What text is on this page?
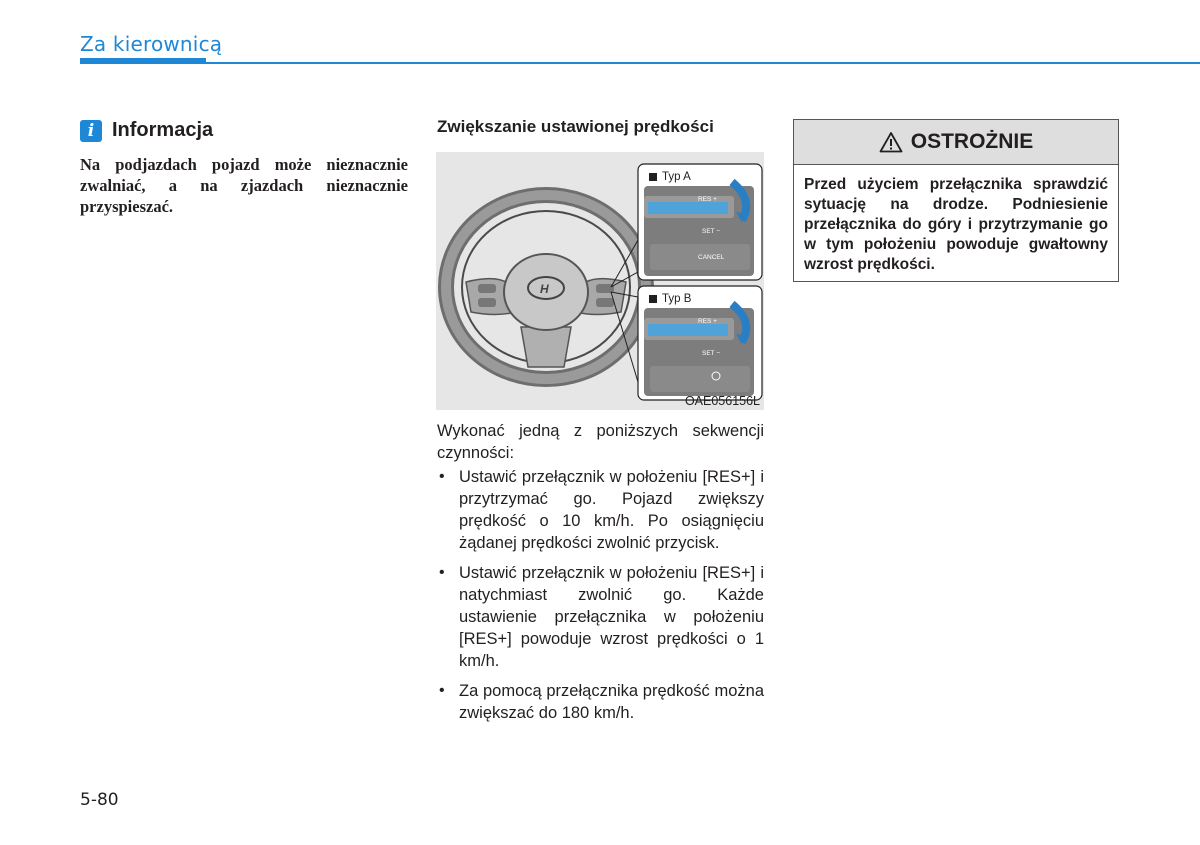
Za kierownicą
i Informacja
Na podjazdach pojazd może nieznacznie zwalniać, a na zjazdach nieznacznie przyspieszać.
Zwiększanie ustawionej prędkości
H
RES +
SET −
CANCEL
RES +
SET −
Typ A
Typ B
OAE056156L
Wykonać jedną z poniższych sekwencji czynności:
• Ustawić przełącznik w położeniu [RES+] i przytrzymać go. Pojazd zwiększy prędkość o 10 km/h. Po osiągnięciu żądanej prędkości zwolnić przycisk.
• Ustawić przełącznik w położeniu [RES+] i natychmiast zwolnić go. Każde ustawienie przełącznika w położeniu [RES+] powoduje wzrost prędkości o 1 km/h.
• Za pomocą przełącznika prędkość można zwiększać do 180 km/h.
OSTROŻNIE
Przed użyciem przełącznika sprawdzić sytuację na drodze. Podniesienie przełącznika do góry i przytrzymanie go w tym położeniu powoduje gwałtowny wzrost prędkości.
5-80
